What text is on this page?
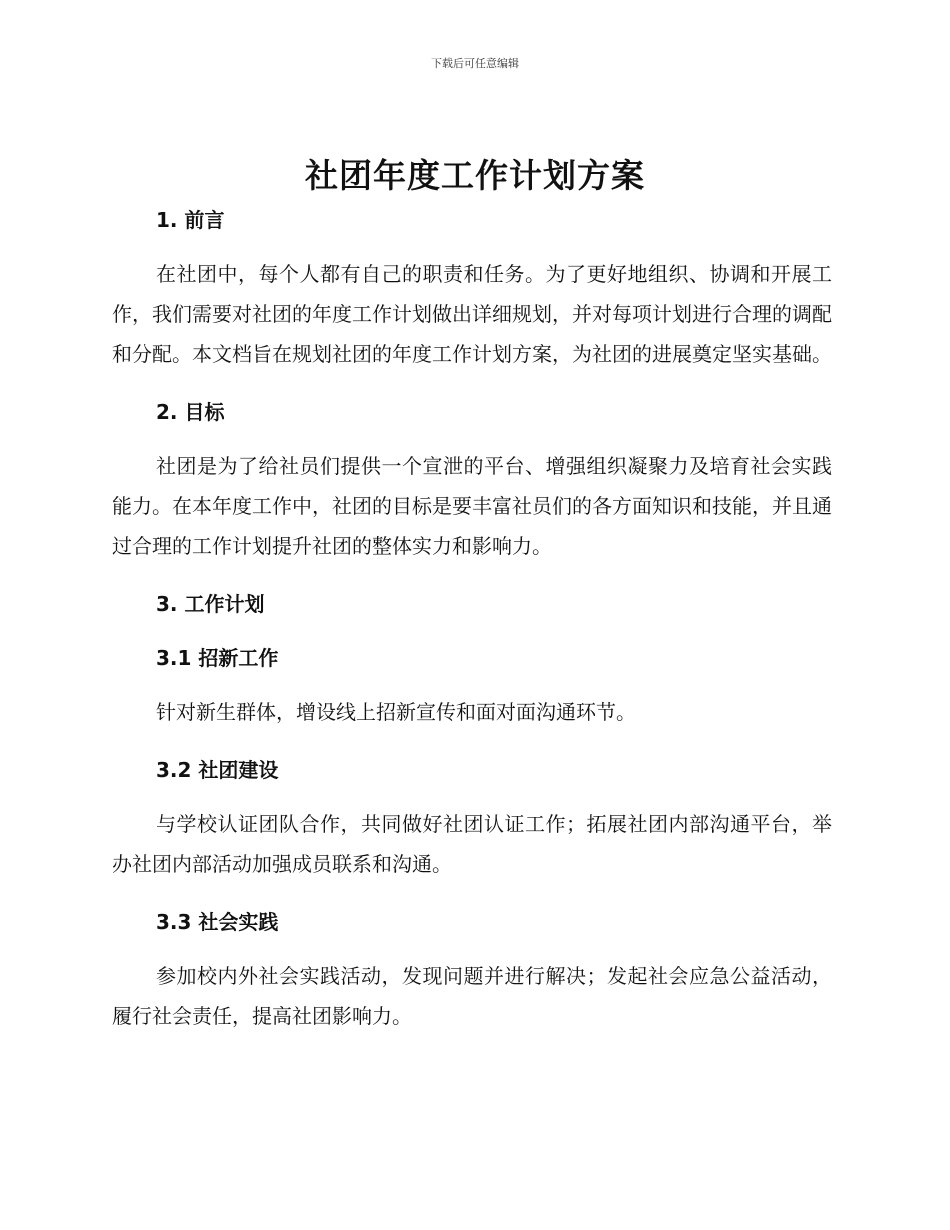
下载后可任意编辑
社团年度工作计划方案
1. 前言

在社团中，每个人都有自己的职责和任务。为了更好地组织、协调和开展工作，我们需要对社团的年度工作计划做出详细规划，并对每项计划进行合理的调配和分配。本文档旨在规划社团的年度工作计划方案，为社团的进展奠定坚实基础。

2. 目标

社团是为了给社员们提供一个宣泄的平台、增强组织凝聚力及培育社会实践能力。在本年度工作中，社团的目标是要丰富社员们的各方面知识和技能，并且通过合理的工作计划提升社团的整体实力和影响力。

3. 工作计划
3.1 招新工作

针对新生群体，增设线上招新宣传和面对面沟通环节。

3.2 社团建设

与学校认证团队合作，共同做好社团认证工作；拓展社团内部沟通平台，举办社团内部活动加强成员联系和沟通。

3.3 社会实践

参加校内外社会实践活动，发现问题并进行解决；发起社会应急公益活动，履行社会责任，提高社团影响力。
